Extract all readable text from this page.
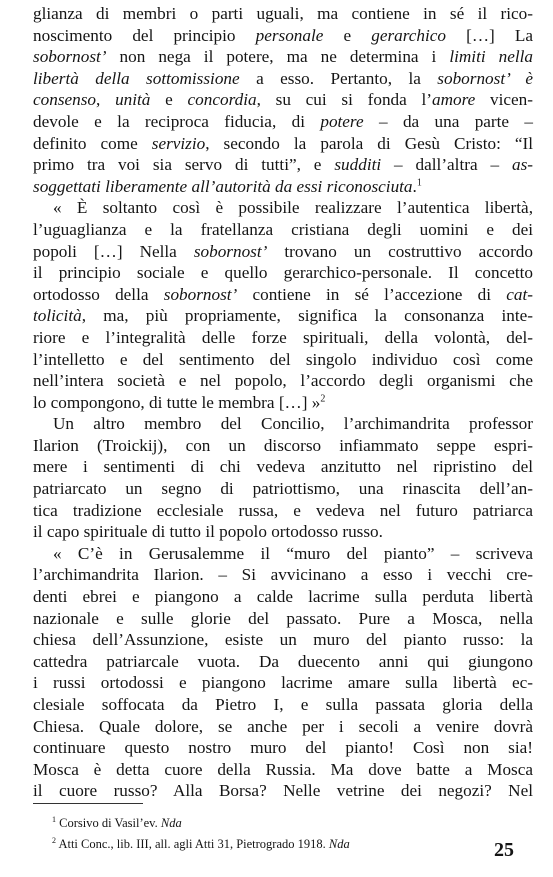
glianza di membri o parti uguali, ma contiene in sé il rico-
noscimento del principio personale e gerarchico […] La
sobornost’ non nega il potere, ma ne determina i limiti nella
libertà della sottomissione a esso. Pertanto, la sobornost’ è
consenso, unità e concordia, su cui si fonda l’amore vicen-
devole e la reciproca fiducia, di potere – da una parte –
definito come servizio, secondo la parola di Gesù Cristo: “Il
primo tra voi sia servo di tutti”, e sudditi – dall’altra – as-
soggettati liberamente all’autorità da essi riconosciuta.$^1$
« È soltanto così è possibile realizzare l’autentica libertà,
l’uguaglianza e la fratellanza cristiana degli uomini e dei
popoli […] Nella sobornost’ trovano un costruttivo accordo
il principio sociale e quello gerarchico-personale. Il concetto
ortodosso della sobornost’ contiene in sé l’accezione di cat-
tolicità, ma, più propriamente, significa la consonanza inte-
riore e l’integralità delle forze spirituali, della volontà, del-
l’intelletto e del sentimento del singolo individuo così come
nell’intera società e nel popolo, l’accordo degli organismi che
lo compongono, di tutte le membra […] »$^2$
Un altro membro del Concilio, l’archimandrita professor
Ilarion (Troickij), con un discorso infiammato seppe espri-
mere i sentimenti di chi vedeva anzitutto nel ripristino del
patriarcato un segno di patriottismo, una rinascita dell’an-
tica tradizione ecclesiale russa, e vedeva nel futuro patriarca
il capo spirituale di tutto il popolo ortodosso russo.
« C’è in Gerusalemme il “muro del pianto” – scriveva
l’archimandrita Ilarion. – Si avvicinano a esso i vecchi cre-
denti ebrei e piangono a calde lacrime sulla perduta libertà
nazionale e sulle glorie del passato. Pure a Mosca, nella
chiesa dell’Assunzione, esiste un muro del pianto russo: la
cattedra patriarcale vuota. Da duecento anni qui giungono
i russi ortodossi e piangono lacrime amare sulla libertà ec-
clesiale soffocata da Pietro I, e sulla passata gloria della
Chiesa. Quale dolore, se anche per i secoli a venire dovrà
continuare questo nostro muro del pianto! Così non sia!
Mosca è detta cuore della Russia. Ma dove batte a Mosca
il cuore russo? Alla Borsa? Nelle vetrine dei negozi? Nel
$^1$ Corsivo di Vasil’ev. Nda
$^2$ Atti Conc., lib. III, all. agli Atti 31, Pietrogrado 1918. Nda	25
